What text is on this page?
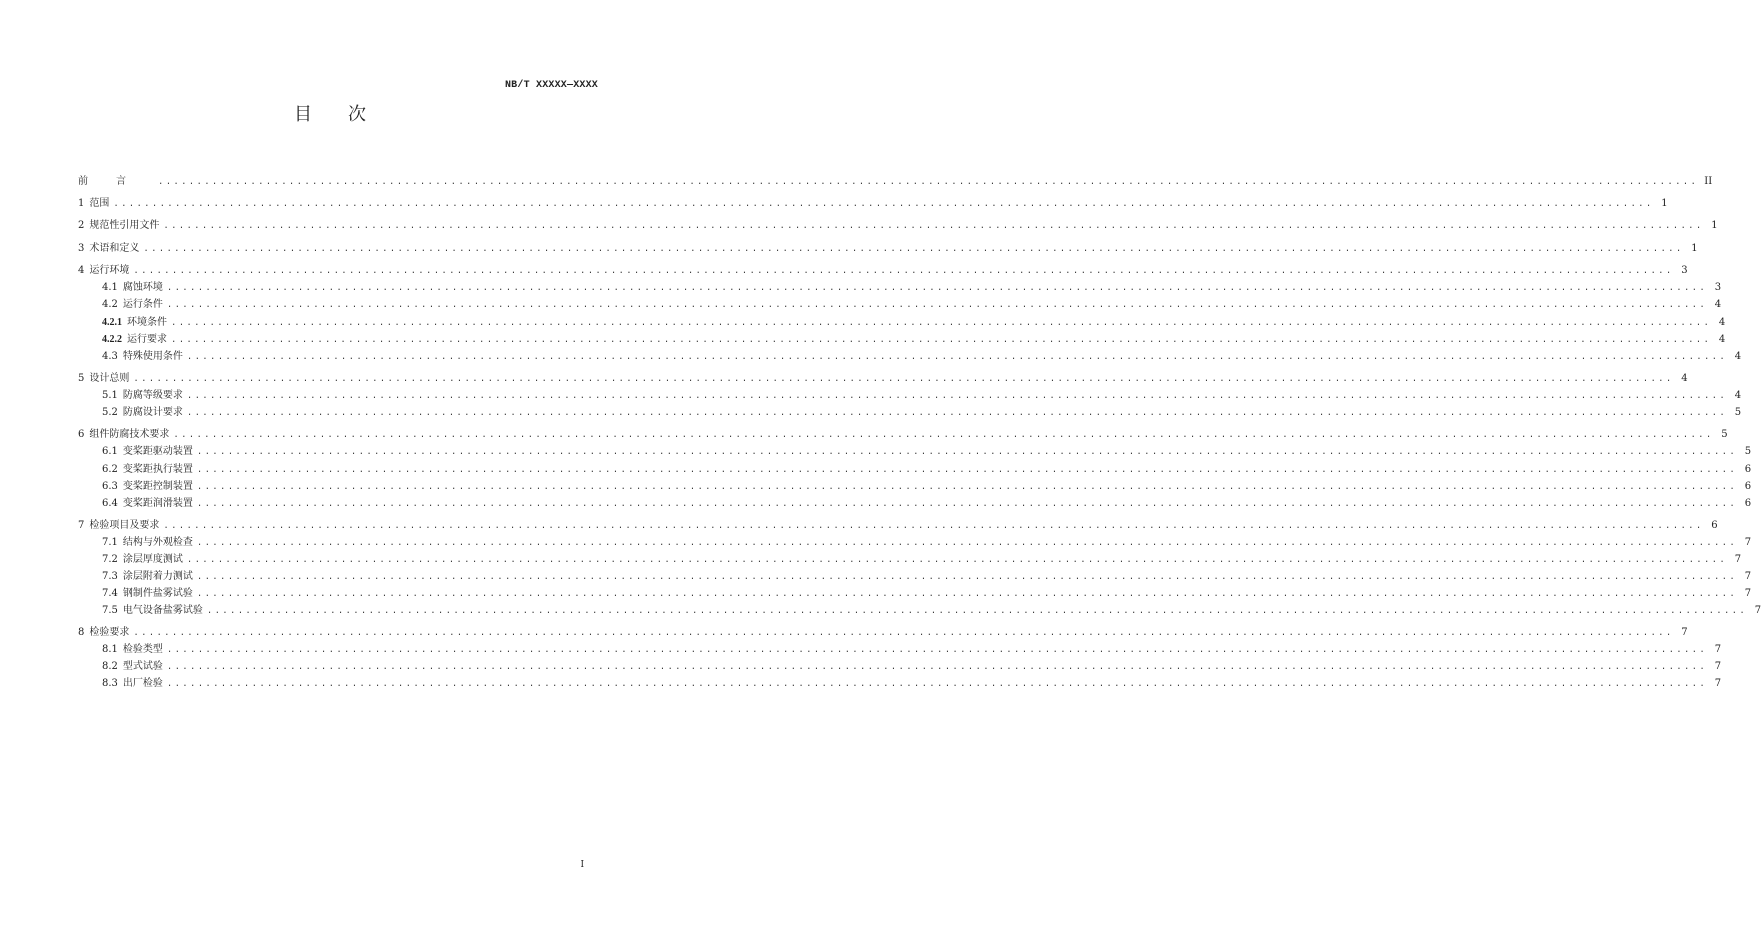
NB/T XXXXX—XXXX
目 次
前言 ........................................................................................................................................................................................................ II
1 范围 ........................................................................................................................................................................................................ 1
2 规范性引用文件 ........................................................................................................................................................................................................ 1
3 术语和定义 ........................................................................................................................................................................................................ 1
4 运行环境 ........................................................................................................................................................................................................ 3
4.1 腐蚀环境 ........................................................................................................................................................................................................ 3
4.2 运行条件 ........................................................................................................................................................................................................ 4
4.2.1 环境条件 ........................................................................................................................................................................................................ 4
4.2.2 运行要求 ........................................................................................................................................................................................................ 4
4.3 特殊使用条件 ........................................................................................................................................................................................................ 4
5 设计总则 ........................................................................................................................................................................................................ 4
5.1 防腐等级要求 ........................................................................................................................................................................................................ 4
5.2 防腐设计要求 ........................................................................................................................................................................................................ 5
6 组件防腐技术要求 ........................................................................................................................................................................................................ 5
6.1 变桨距驱动装置 ........................................................................................................................................................................................................ 5
6.2 变桨距执行装置 ........................................................................................................................................................................................................ 6
6.3 变桨距控制装置 ........................................................................................................................................................................................................ 6
6.4 变桨距润滑装置 ........................................................................................................................................................................................................ 6
7 检验项目及要求 ........................................................................................................................................................................................................ 6
7.1 结构与外观检查 ........................................................................................................................................................................................................ 7
7.2 涂层厚度测试 ........................................................................................................................................................................................................ 7
7.3 涂层附着力测试 ........................................................................................................................................................................................................ 7
7.4 钢制件盐雾试验 ........................................................................................................................................................................................................ 7
7.5 电气设备盐雾试验 ........................................................................................................................................................................................................ 7
8 检验要求 ........................................................................................................................................................................................................ 7
8.1 检验类型 ........................................................................................................................................................................................................ 7
8.2 型式试验 ........................................................................................................................................................................................................ 7
8.3 出厂检验 ........................................................................................................................................................................................................ 7
I
